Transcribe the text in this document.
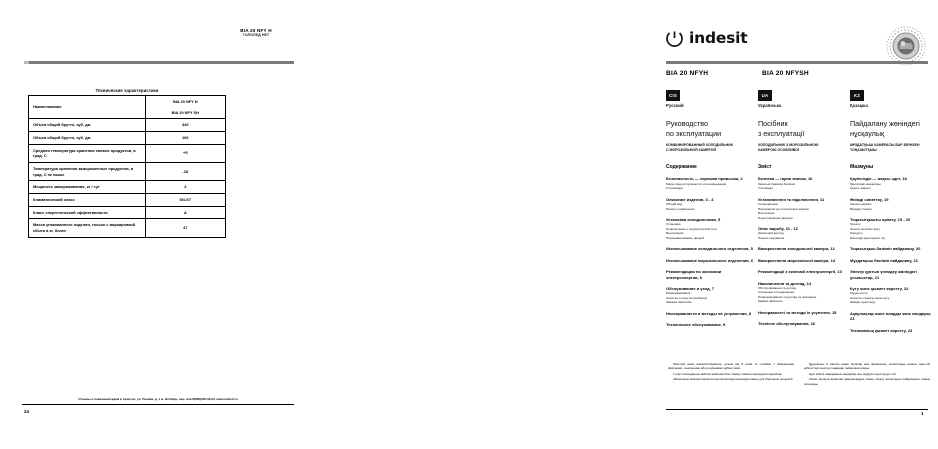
BIA 20 NFY H
ГОЛОЛЕД НЕТ
Технические характеристики
Наименование	BIA 20 NFY H
BIA 20 NFY SH

Объем общий брутто, куб. дм	340
Объем общий брутто, куб. дм	106
Средняя температура хранения свежих продуктов, в град. С	+5
Температура хранения замороженных продуктов, в град. С не выше	-18
Мощность замораживания, кг / сут	3
Климатический класс	SN-ST
Класс энергетической эффективности	A
Масса упакованного изделия, только с маркировкой сбыта в кг, более	47
Отзывы и пожелания ждём в Аристон, ул. Ленина, д. 1 м. Октябрь, пер. или 8(800)000-00-00, www.indesit.ru
24
indesit
BIA 20 NFYH	BIA 20 NFYSH
CIS
Русский
Руководство
по эксплуатации
КОМБИНИРОВАННЫЙ ХОЛОДИЛЬНИК
С МОРОЗИЛЬНОЙ КАМЕРОЙ
Содержание
Безопасность — хорошая привычка, 2
Меры предосторожности и рекомендации
Утилизация
Описание изделия, 3 - 4
Общий вид
Панель управления
Установка холодильника, 5
Установка
Подключение к электрической сети
Вентиляция
Перенавешивание дверей
Использование холодильного отделения, 5
Использование морозильного отделения, 6
Рекомендации по экономии электроэнергии, 6
Обслуживание и уход, 7
Размораживание
Очистка и уход за прибором
Замена лампочки
Неисправности и методы их устранения, 8
Техническое обслуживание, 9
UA
Українська
Посібник
з експлуатації
ХОЛОДИЛЬНИК З МОРОЗИЛЬНОЮ
КАМЕРОЮ ОСОБЛИВОЇ
Зміст
Безпека — гарна звичка, 10
Загальні правила безпеки
Утилізація
Установлення та підключення, 11
Установлення
Під'єднання до електричної мережі
Вентиляція
Переставлення дверцят
Опис виробу, 11 - 12
Загальний вигляд
Панель керування
Використання холодильної камери, 12
Використання морозильної камери, 13
Рекомендації з економії електроенергії, 13
Накопичення та догляд, 14
Обслуговування та догляд
Очищення холодильника
Розморожування та догляд за приладом
Заміна лампочки
Несправності та методи їх усунення, 15
Технічне обслуговування, 16
KZ
Қазақша
Пайдалану жөніндегі
нұсқаулық
МҰЗДАТҚЫШ КАМЕРАСЫ БАР БІРІККЕН
ТОҢАЗЫТҚЫШ
Мазмұны
Қауіпсіздік — жақсы әдет, 18
Қауіпсіздік шаралары
Кәдеге жарату
Өнімді сипаттау, 19
Жалпы көрінісі
Басқару панелі
Тоңазытқышты орнату, 19 - 20
Орнату
Электр желісіне қосу
Желдету
Есіктерді ауыстырып ілу
Тоңазытқыш бөлімін пайдалану, 20
Мұздатқыш бөлімін пайдалану, 21
Электр қуатын үнемдеу жөніндегі ұсыныстар, 21
Күту және қызмет көрсету, 22
Мұзды еріту
Аспапты тазалау және күту
Шамды ауыстыру
Ақаулықтар және оларды жою жолдары, 23
Техникалық қызмет көрсету, 23

Пристрій може використовуватись дітьми від 8 років та особами з обмеженими фізичними, сенсорними або розумовими здібностями.

У разі пошкодження кабелю живлення його заміну повинен виконувати виробник.

Заборонено використовувати електроприлади всередині камер для зберігання продуктів.

Құрылғыны 8 жастан асқан балалар мен физикалық, сезімталдық немесе ақыл-ой қабілеттері шектеулі адамдар пайдалана алады.

Қуат кабелі зақымданған жағдайда оны өндіруші ауыстыруы тиіс.

Тағам сақтауға арналған камералардың ішінде электр аспаптарын пайдалануға тыйым салынады.

1
